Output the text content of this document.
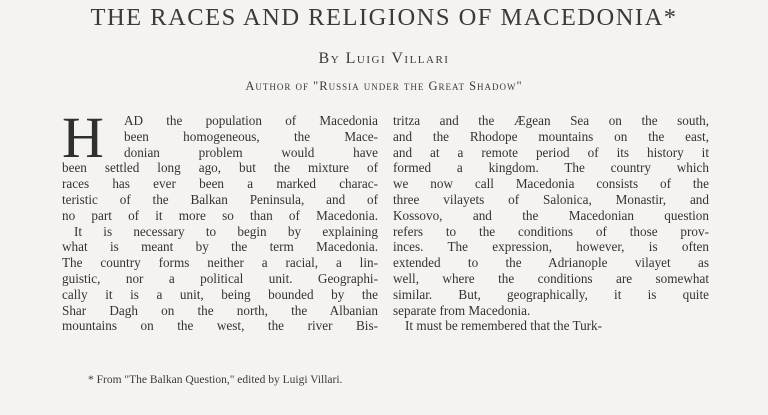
THE RACES AND RELIGIONS OF MACEDONIA*
By Luigi Villari
Author of "Russia under the Great Shadow"
H	AD the population of Macedonia
been homogeneous, the Mace-
donian problem would have
been settled long ago, but the mixture of
races has ever been a marked charac-
teristic of the Balkan Peninsula, and of
no part of it more so than of Macedonia.
It is necessary to begin by explaining
what is meant by the term Macedonia.
The country forms neither a racial, a lin-
guistic, nor a political unit. Geographi-
cally it is a unit, being bounded by the
Shar Dagh on the north, the Albanian
mountains on the west, the river Bis-
tritza and the Ægean Sea on the south,
and the Rhodope mountains on the east,
and at a remote period of its history it
formed a kingdom. The country which
we now call Macedonia consists of the
three vilayets of Salonica, Monastir, and
Kossovo, and the Macedonian question
refers to the conditions of those prov-
inces. The expression, however, is often
extended to the Adrianople vilayet as
well, where the conditions are somewhat
similar. But, geographically, it is quite
separate from Macedonia.
It must be remembered that the Turk-
* From "The Balkan Question," edited by Luigi Villari.
